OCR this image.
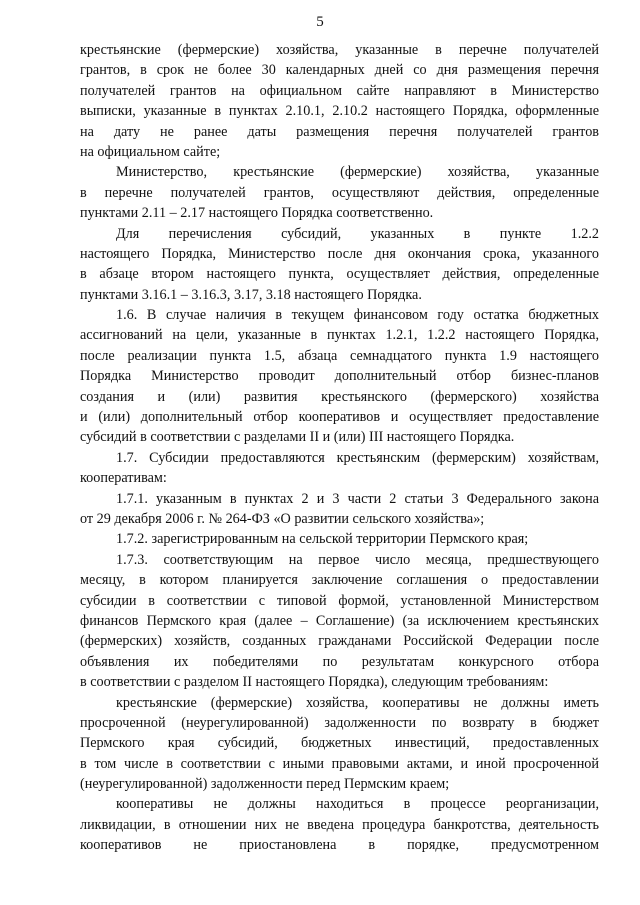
5
крестьянские (фермерские) хозяйства, указанные в перечне получателей
грантов, в срок не более 30 календарных дней со дня размещения перечня
получателей грантов на официальном сайте направляют в Министерство
выписки, указанные в пунктах 2.10.1, 2.10.2 настоящего Порядка, оформленные
на дату не ранее даты размещения перечня получателей грантов
на официальном сайте;
Министерство, крестьянские (фермерские) хозяйства, указанные
в перечне получателей грантов, осуществляют действия, определенные
пунктами 2.11 – 2.17 настоящего Порядка соответственно.
Для перечисления субсидий, указанных в пункте 1.2.2
настоящего Порядка, Министерство после дня окончания срока, указанного
в абзаце втором настоящего пункта, осуществляет действия, определенные
пунктами 3.16.1 – 3.16.3, 3.17, 3.18 настоящего Порядка.
1.6. В случае наличия в текущем финансовом году остатка бюджетных
ассигнований на цели, указанные в пунктах 1.2.1, 1.2.2 настоящего Порядка,
после реализации пункта 1.5, абзаца семнадцатого пункта 1.9 настоящего
Порядка Министерство проводит дополнительный отбор бизнес-планов
создания и (или) развития крестьянского (фермерского) хозяйства
и (или) дополнительный отбор кооперативов и осуществляет предоставление
субсидий в соответствии с разделами II и (или) III настоящего Порядка.
1.7. Субсидии предоставляются крестьянским (фермерским) хозяйствам,
кооперативам:
1.7.1. указанным в пунктах 2 и 3 части 2 статьи 3 Федерального закона
от 29 декабря 2006 г. № 264-ФЗ «О развитии сельского хозяйства»;
1.7.2. зарегистрированным на сельской территории Пермского края;
1.7.3. соответствующим на первое число месяца, предшествующего
месяцу, в котором планируется заключение соглашения о предоставлении
субсидии в соответствии с типовой формой, установленной Министерством
финансов Пермского края (далее – Соглашение) (за исключением крестьянских
(фермерских) хозяйств, созданных гражданами Российской Федерации после
объявления их победителями по результатам конкурсного отбора
в соответствии с разделом II настоящего Порядка), следующим требованиям:
крестьянские (фермерские) хозяйства, кооперативы не должны иметь
просроченной (неурегулированной) задолженности по возврату в бюджет
Пермского края субсидий, бюджетных инвестиций, предоставленных
в том числе в соответствии с иными правовыми актами, и иной просроченной
(неурегулированной) задолженности перед Пермским краем;
кооперативы не должны находиться в процессе реорганизации,
ликвидации, в отношении них не введена процедура банкротства, деятельность
кооперативов не приостановлена в порядке, предусмотренном
